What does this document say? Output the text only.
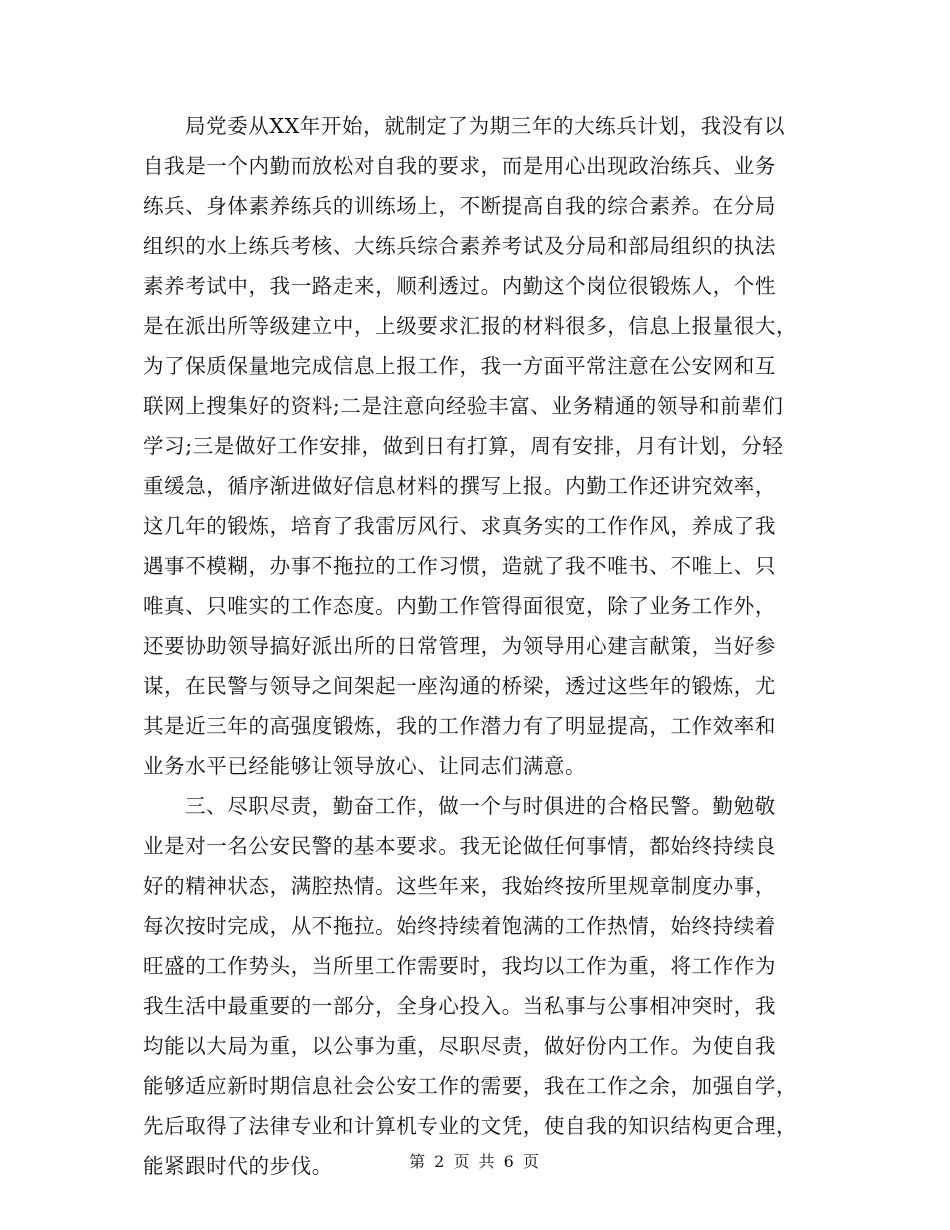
局党委从XX年开始，就制定了为期三年的大练兵计划，我没有以
自我是一个内勤而放松对自我的要求，而是用心出现政治练兵、业务
练兵、身体素养练兵的训练场上，不断提高自我的综合素养。在分局
组织的水上练兵考核、大练兵综合素养考试及分局和部局组织的执法
素养考试中，我一路走来，顺利透过。内勤这个岗位很锻炼人，个性
是在派出所等级建立中，上级要求汇报的材料很多，信息上报量很大，
为了保质保量地完成信息上报工作，我一方面平常注意在公安网和互
联网上搜集好的资料;二是注意向经验丰富、业务精通的领导和前辈们
学习;三是做好工作安排，做到日有打算，周有安排，月有计划，分轻
重缓急，循序渐进做好信息材料的撰写上报。内勤工作还讲究效率，
这几年的锻炼，培育了我雷厉风行、求真务实的工作作风，养成了我
遇事不模糊，办事不拖拉的工作习惯，造就了我不唯书、不唯上、只
唯真、只唯实的工作态度。内勤工作管得面很宽，除了业务工作外，
还要协助领导搞好派出所的日常管理，为领导用心建言献策，当好参
谋，在民警与领导之间架起一座沟通的桥梁，透过这些年的锻炼，尤
其是近三年的高强度锻炼，我的工作潜力有了明显提高，工作效率和
业务水平已经能够让领导放心、让同志们满意。
三、尽职尽责，勤奋工作，做一个与时俱进的合格民警。勤勉敬
业是对一名公安民警的基本要求。我无论做任何事情，都始终持续良
好的精神状态，满腔热情。这些年来，我始终按所里规章制度办事，
每次按时完成，从不拖拉。始终持续着饱满的工作热情，始终持续着
旺盛的工作势头，当所里工作需要时，我均以工作为重，将工作作为
我生活中最重要的一部分，全身心投入。当私事与公事相冲突时，我
均能以大局为重，以公事为重，尽职尽责，做好份内工作。为使自我
能够适应新时期信息社会公安工作的需要，我在工作之余，加强自学，
先后取得了法律专业和计算机专业的文凭，使自我的知识结构更合理，
能紧跟时代的步伐。	第 2 页 共 6 页
